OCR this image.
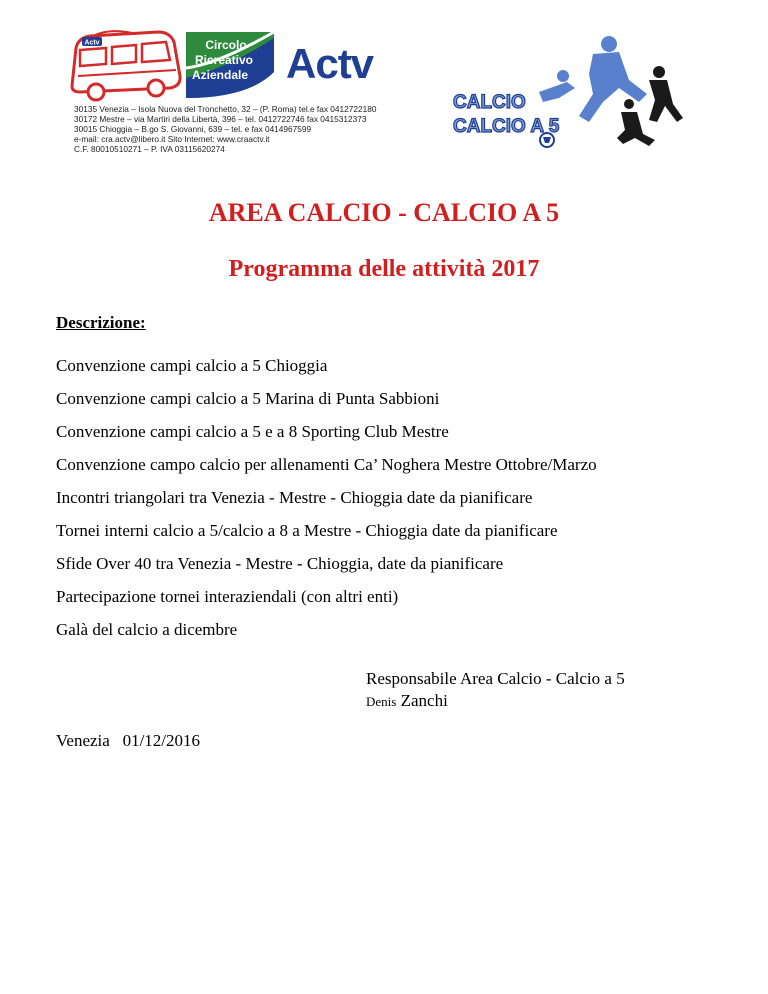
Actv	Circolo
Ricreativo
Aziendale Actv
30135 Venezia – Isola Nuova del Tronchetto, 32 – (P. Roma) tel.e fax 0412722180
30172 Mestre – via Martiri della Libertà, 396 – tel. 0412722746 fax 0415312373
30015 Chioggia – B.go S. Giovanni, 639 – tel. e fax 0414967599
e-mail: cra.actv@libero.it Sito Internet: www.craactv.it
C.F. 80010510271 – P. IVA 03115620274
CALCIO
CALCIO A 5
AREA CALCIO - CALCIO A 5
Programma delle attività 2017
Descrizione:
Convenzione campi calcio a 5 Chioggia
Convenzione campi calcio a 5 Marina di Punta Sabbioni
Convenzione campi calcio a 5 e a 8 Sporting Club Mestre
Convenzione campo calcio per allenamenti Ca’ Noghera Mestre Ottobre/Marzo
Incontri triangolari tra Venezia - Mestre - Chioggia date da pianificare
Tornei interni calcio a 5/calcio a 8 a Mestre - Chioggia date da pianificare
Sfide Over 40 tra Venezia - Mestre - Chioggia, date da pianificare
Partecipazione tornei interaziendali (con altri enti)
Galà del calcio a dicembre
Responsabile Area Calcio - Calcio a 5
Denis Zanchi
Venezia 01/12/2016
